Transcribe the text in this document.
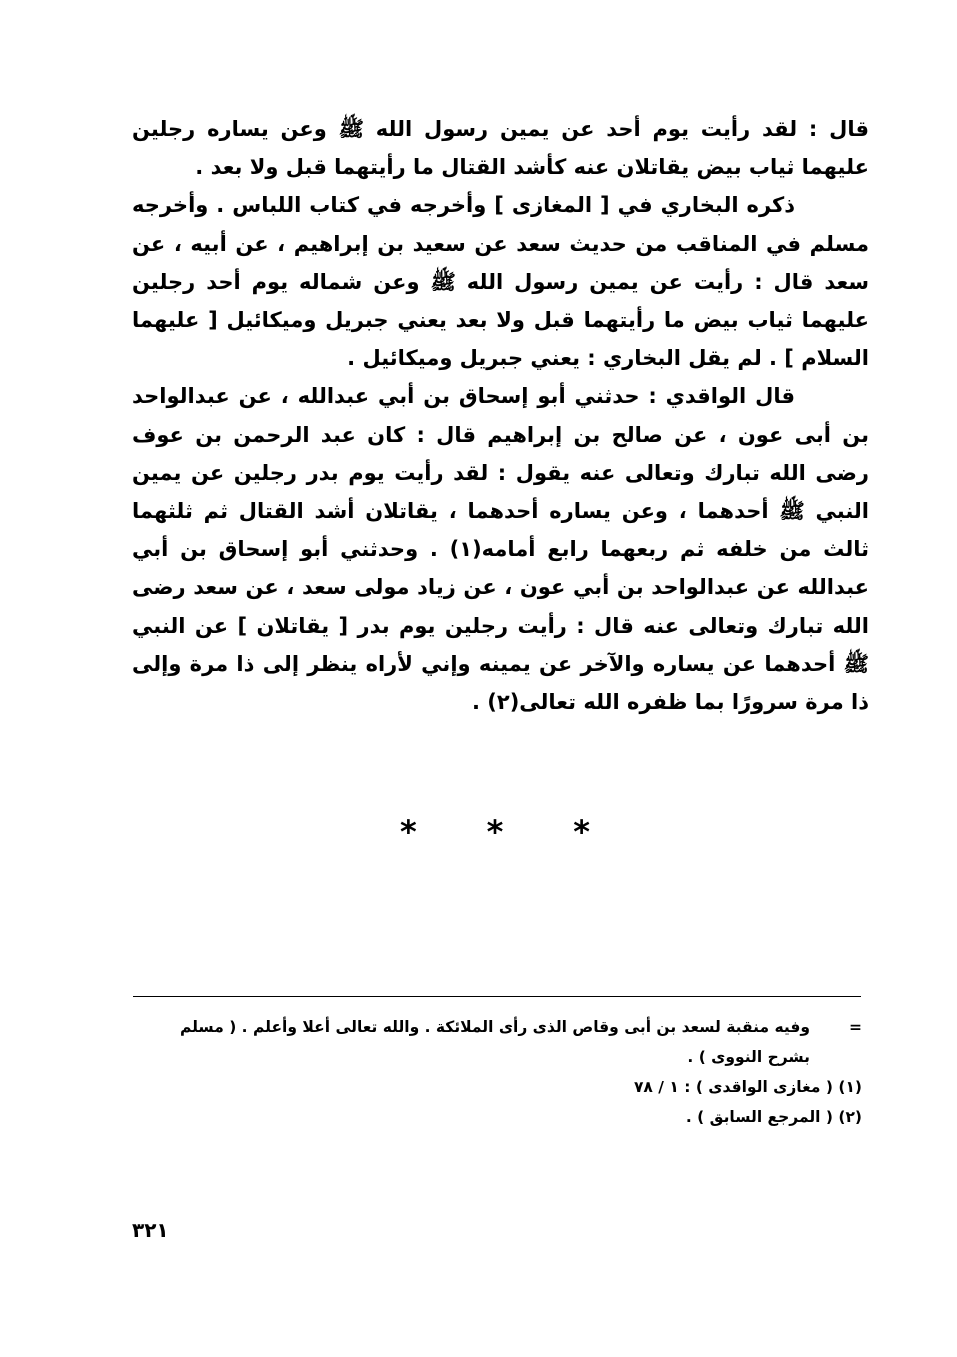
قال : لقد رأيت يوم أحد عن يمين رسول الله ﷺ وعن يساره رجلين عليهما ثياب بيض يقاتلان عنه كأشد القتال ما رأيتهما قبل ولا بعد .

ذكره البخاري في [ المغازى ] وأخرجه في كتاب اللباس . وأخرجه مسلم في المناقب من حديث سعد عن سعيد بن إبراهيم ، عن أبيه ، عن سعد قال : رأيت عن يمين رسول الله ﷺ وعن شماله يوم أحد رجلين عليهما ثياب بيض ما رأيتهما قبل ولا بعد يعني جبريل وميكائيل [ عليهما السلام ] . لم يقل البخاري : يعني جبريل وميكائيل .

قال الواقدي : حدثني أبو إسحاق بن أبي عبدالله ، عن عبدالواحد بن أبى عون ، عن صالح بن إبراهيم قال : كان عبد الرحمن بن عوف رضى الله تبارك وتعالى عنه يقول : لقد رأيت يوم بدر رجلين عن يمين النبي ﷺ أحدهما ، وعن يساره أحدهما ، يقاتلان أشد القتال ثم ثلثهما ثالث من خلفه ثم ربعهما رابع أمامه(١) . وحدثني أبو إسحاق بن أبي عبدالله عن عبدالواحد بن أبي عون ، عن زياد مولى سعد ، عن سعد رضى الله تبارك وتعالى عنه قال : رأيت رجلين يوم بدر [ يقاتلان ] عن النبي ﷺ أحدهما عن يساره والآخر عن يمينه وإني لأراه ينظر إلى ذا مرة وإلى ذا مرة سرورًا بما ظفره الله تعالى(٢) .

* * *
=
وفيه منقبة لسعد بن أبى وقاص الذى رأى الملائكة . والله تعالى أعلا وأعلم . ( مسلم

بشرح النووى ) .

(١) ( مغازى الواقدى ) : ١ / ٧٨

(٢) ( المرجع السابق ) .

٣٢١
